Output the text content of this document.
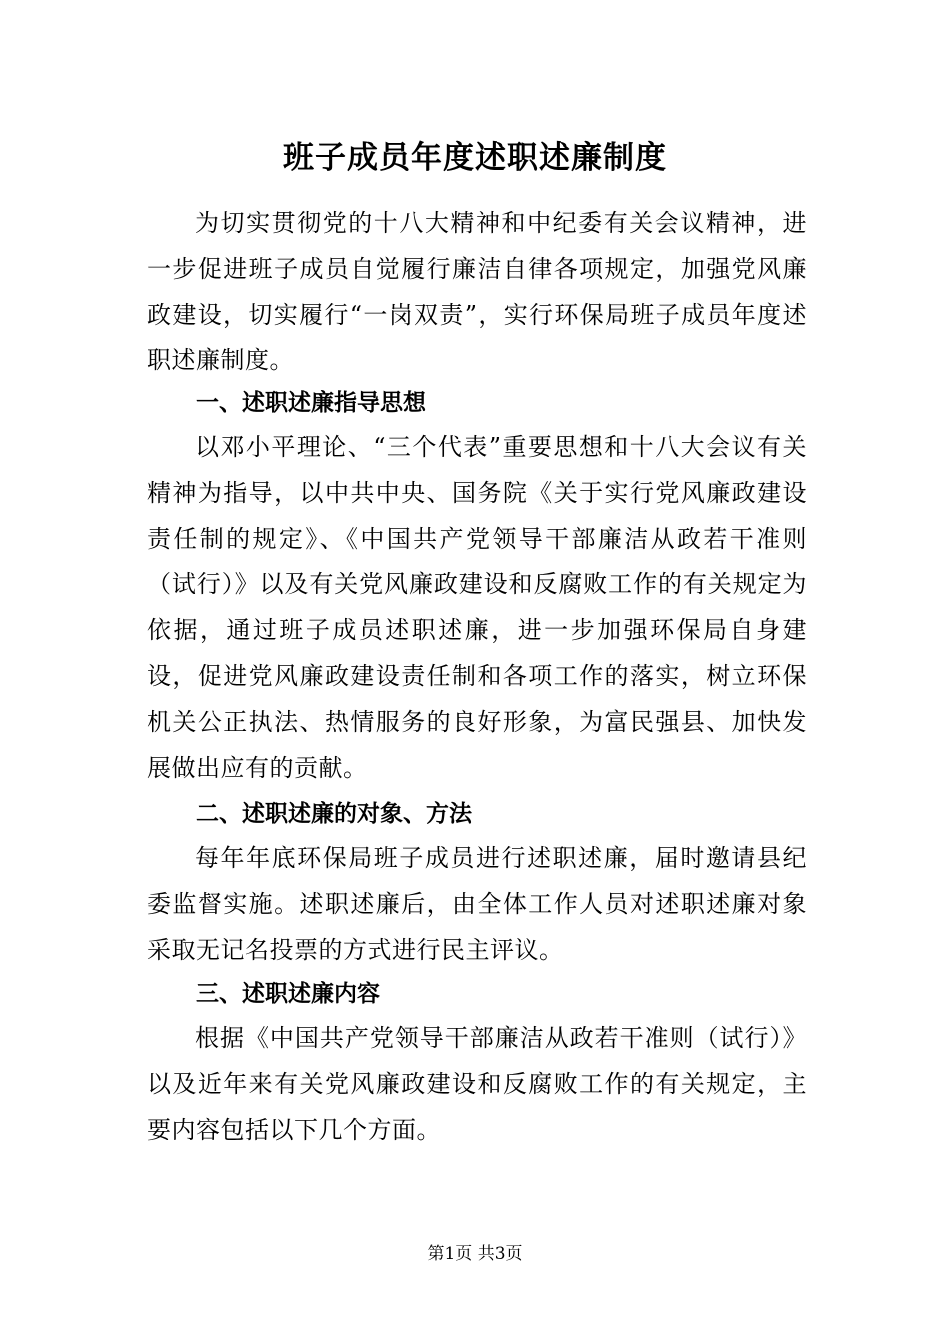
班子成员年度述职述廉制度
为切实贯彻党的十八大精神和中纪委有关会议精神，进一步促进班子成员自觉履行廉洁自律各项规定，加强党风廉政建设，切实履行“一岗双责”，实行环保局班子成员年度述职述廉制度。
一、述职述廉指导思想
以邓小平理论、“三个代表”重要思想和十八大会议有关精神为指导，以中共中央、国务院《关于实行党风廉政建设责任制的规定》、《中国共产党领导干部廉洁从政若干准则（试行）》以及有关党风廉政建设和反腐败工作的有关规定为依据，通过班子成员述职述廉，进一步加强环保局自身建设，促进党风廉政建设责任制和各项工作的落实，树立环保机关公正执法、热情服务的良好形象，为富民强县、加快发展做出应有的贡献。
二、述职述廉的对象、方法
每年年底环保局班子成员进行述职述廉，届时邀请县纪委监督实施。述职述廉后，由全体工作人员对述职述廉对象采取无记名投票的方式进行民主评议。
三、述职述廉内容
根据《中国共产党领导干部廉洁从政若干准则（试行）》以及近年来有关党风廉政建设和反腐败工作的有关规定，主要内容包括以下几个方面。
第1页 共3页
